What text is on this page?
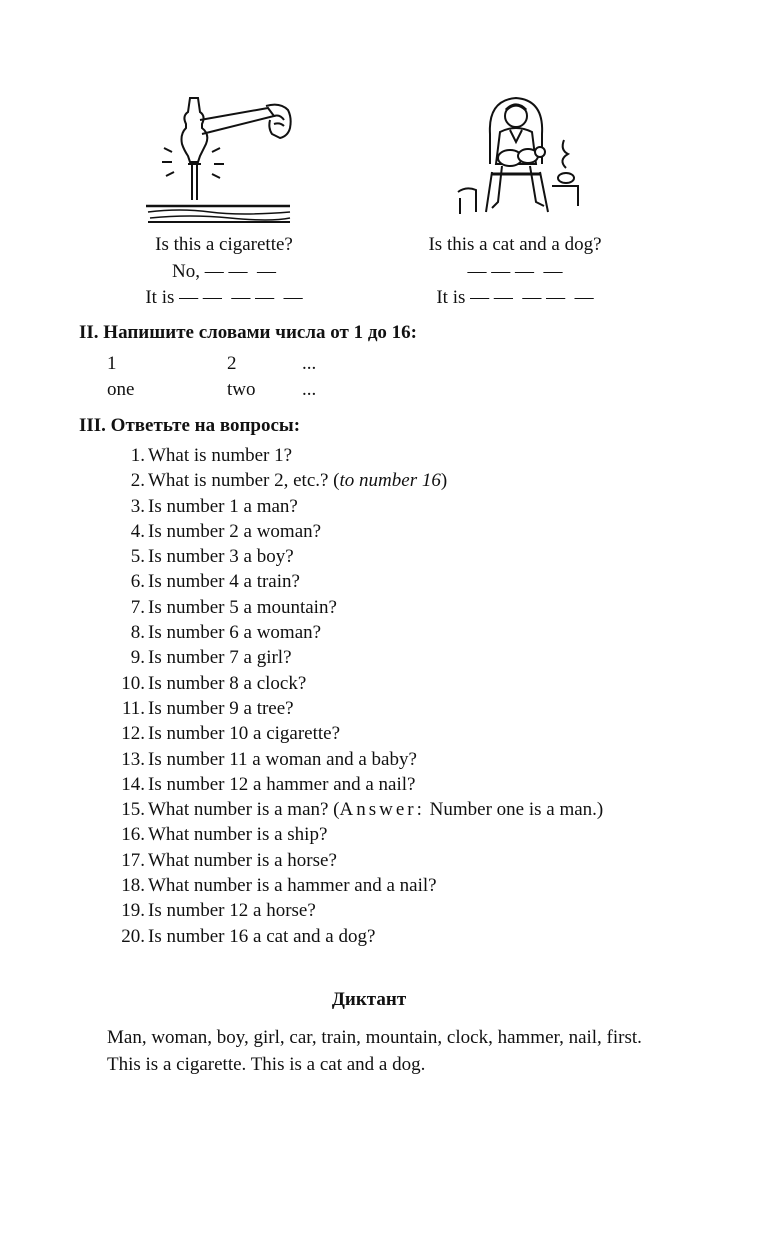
Is this a cigarette?
No, — —  —
It is — —  — —  —
Is this a cat and a dog?
— — —  —
It is — —  — —  —
II. Напишите словами числа от 1 до 16:
1	2	...
one	two ...
III. Ответьте на вопросы:
1. What is number 1?
2. What is number 2, etc.? (to number 16)
3. Is number 1 a man?
4. Is number 2 a woman?
5. Is number 3 a boy?
6. Is number 4 a train?
7. Is number 5 a mountain?
8. Is number 6 a woman?
9. Is number 7 a girl?
10. Is number 8 a clock?
11. Is number 9 a tree?
12. Is number 10 a cigarette?
13. Is number 11 a woman and a baby?
14. Is number 12 a hammer and a nail?
15. What number is a man? (Answer: Number one is a man.)
16. What number is a ship?
17. What number is a horse?
18. What number is a hammer and a nail?
19. Is number 12 a horse?
20. Is number 16 a cat and a dog?
Диктант

Man, woman, boy, girl, car, train, mountain, clock, hammer, nail, first.

This is a cigarette. This is a cat and a dog.
